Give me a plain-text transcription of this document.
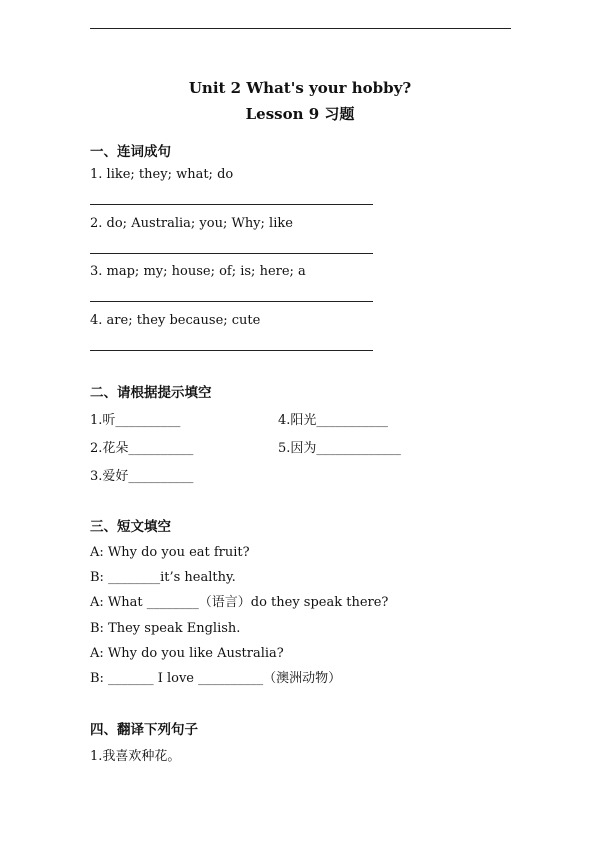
Unit 2 What's your hobby?
Lesson 9 习题
一、连词成句
1. like; they; what; do
2. do; Australia; you; Why; like
3. map; my; house; of; is; here; a
4. are; they because; cute
二、请根据提示填空
1.听__________	4.阳光___________
2.花朵__________	5.因为_____________
3.爱好__________
三、短文填空
A: Why do you eat fruit?
B: ________it’s healthy.
A: What ________（语言）do they speak there?
B: They speak English.
A: Why do you like Australia?
B: _______ I love __________（澳洲动物）
四、翻译下列句子
1.我喜欢种花。
